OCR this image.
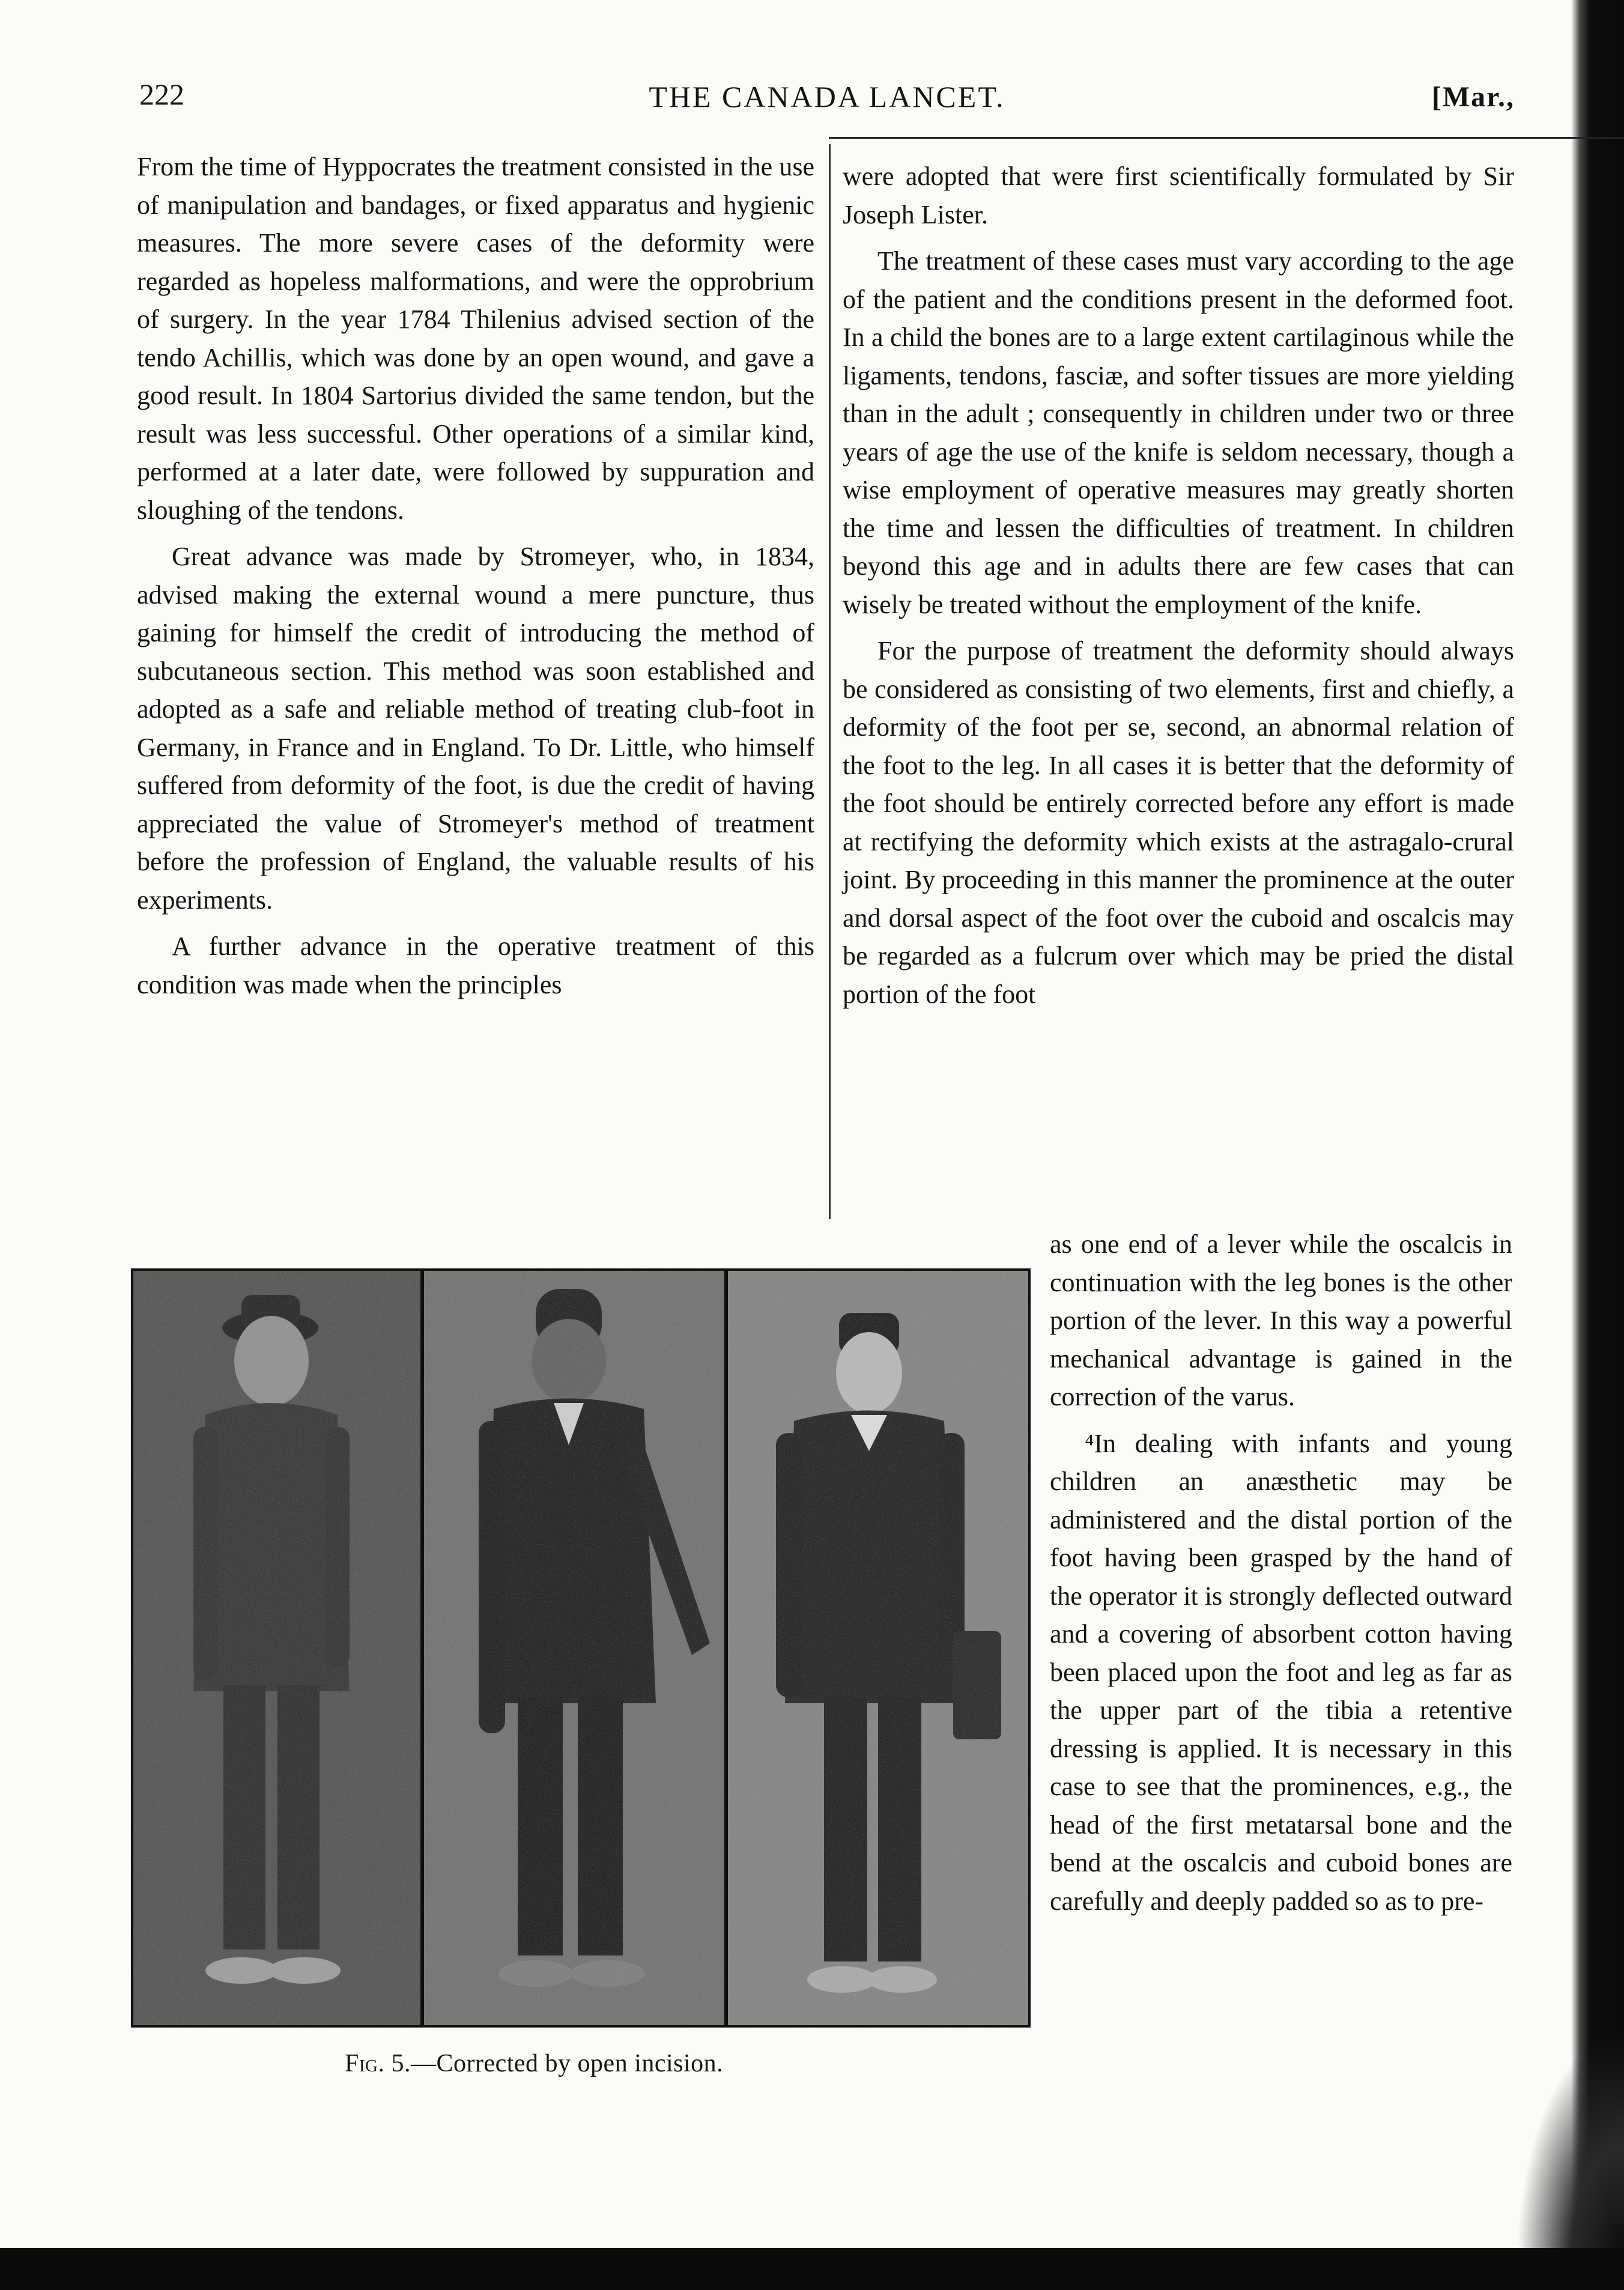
222	THE CANADA LANCET.	[Mar.,

From the time of Hyppocrates the treatment consisted in the use of manipulation and bandages, or fixed apparatus and hygienic measures. The more severe cases of the deformity were regarded as hopeless malformations, and were the opprobrium of surgery. In the year 1784 Thilenius advised section of the tendo Achillis, which was done by an open wound, and gave a good result. In 1804 Sartorius divided the same tendon, but the result was less successful. Other operations of a similar kind, performed at a later date, were followed by suppuration and sloughing of the tendons.

Great advance was made by Stromeyer, who, in 1834, advised making the external wound a mere puncture, thus gaining for himself the credit of introducing the method of subcutaneous section. This method was soon established and adopted as a safe and reliable method of treating club-foot in Germany, in France and in England. To Dr. Little, who himself suffered from deformity of the foot, is due the credit of having appreciated the value of Stromeyer's method of treatment before the profession of England, the valuable results of his experiments.

A further advance in the operative treatment of this condition was made when the principles

were adopted that were first scientifically formulated by Sir Joseph Lister.

The treatment of these cases must vary according to the age of the patient and the conditions present in the deformed foot. In a child the bones are to a large extent cartilaginous while the ligaments, tendons, fasciæ, and softer tissues are more yielding than in the adult ; consequently in children under two or three years of age the use of the knife is seldom necessary, though a wise employment of operative measures may greatly shorten the time and lessen the difficulties of treatment. In children beyond this age and in adults there are few cases that can wisely be treated without the employment of the knife.

For the purpose of treatment the deformity should always be considered as consisting of two elements, first and chiefly, a deformity of the foot per se, second, an abnormal relation of the foot to the leg. In all cases it is better that the deformity of the foot should be entirely corrected before any effort is made at rectifying the deformity which exists at the astragalo-crural joint. By proceeding in this manner the prominence at the outer and dorsal aspect of the foot over the cuboid and oscalcis may be regarded as a fulcrum over which may be pried the distal portion of the foot

as one end of a lever while the oscalcis in continuation with the leg bones is the other portion of the lever. In this way a powerful mechanical advantage is gained in the correction of the varus.

⁴In dealing with infants and young children an anæsthetic may be administered and the distal portion of the foot having been grasped by the hand of the operator it is strongly deflected outward and a covering of absorbent cotton having been placed upon the foot and leg as far as the upper part of the tibia a retentive dressing is applied. It is necessary in this case to see that the prominences, e.g., the head of the first metatarsal bone and the bend at the oscalcis and cuboid bones are carefully and deeply padded so as to pre-

Fig. 5.—Corrected by open incision.
